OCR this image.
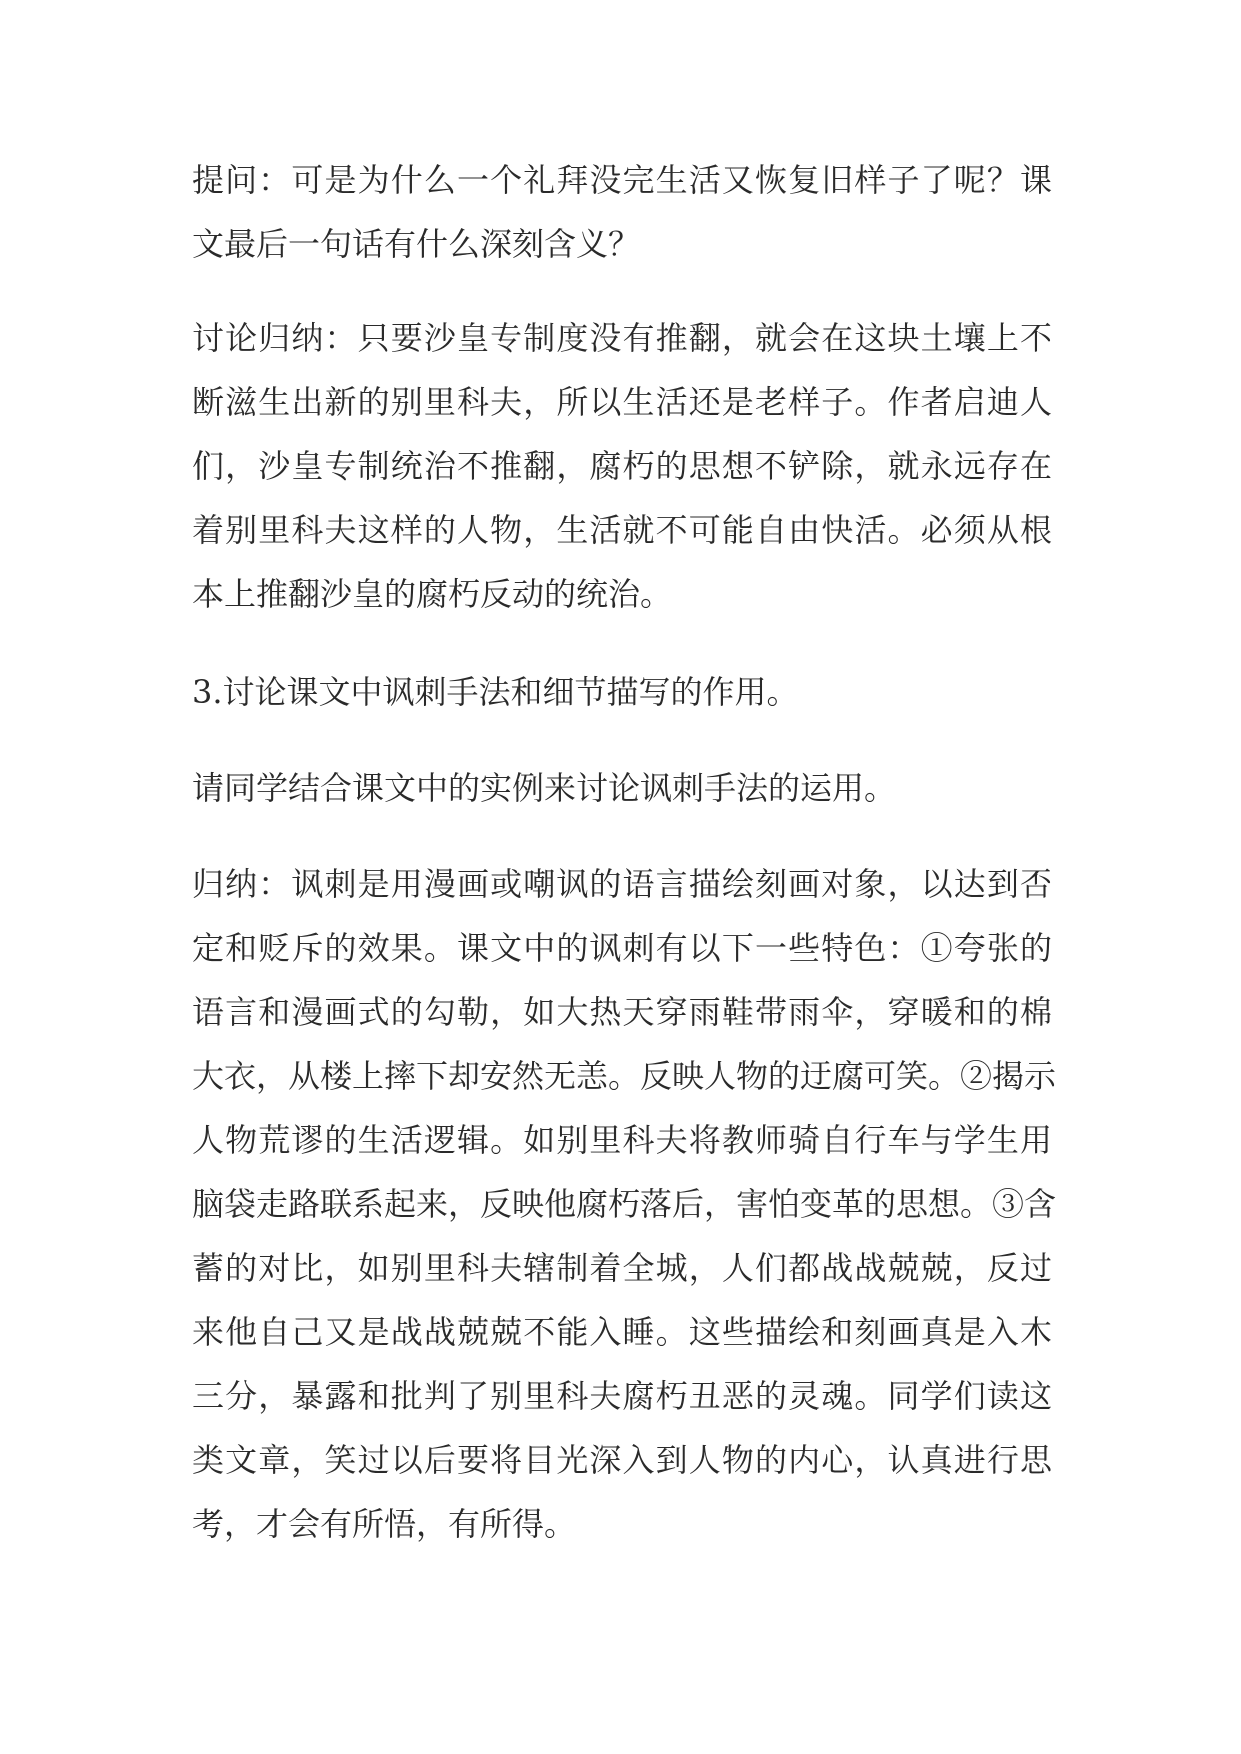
提问：可是为什么一个礼拜没完生活又恢复旧样子了呢？课

文最后一句话有什么深刻含义？

讨论归纳：只要沙皇专制度没有推翻，就会在这块土壤上不

断滋生出新的别里科夫，所以生活还是老样子。作者启迪人

们，沙皇专制统治不推翻，腐朽的思想不铲除，就永远存在

着别里科夫这样的人物，生活就不可能自由快活。必须从根

本上推翻沙皇的腐朽反动的统治。

3.讨论课文中讽刺手法和细节描写的作用。

请同学结合课文中的实例来讨论讽刺手法的运用。

归纳：讽刺是用漫画或嘲讽的语言描绘刻画对象，以达到否

定和贬斥的效果。课文中的讽刺有以下一些特色：①夸张的

语言和漫画式的勾勒，如大热天穿雨鞋带雨伞，穿暖和的棉

大衣，从楼上摔下却安然无恙。反映人物的迂腐可笑。②揭示

人物荒谬的生活逻辑。如别里科夫将教师骑自行车与学生用

脑袋走路联系起来，反映他腐朽落后，害怕变革的思想。③含

蓄的对比，如别里科夫辖制着全城，人们都战战兢兢，反过

来他自己又是战战兢兢不能入睡。这些描绘和刻画真是入木

三分，暴露和批判了别里科夫腐朽丑恶的灵魂。同学们读这

类文章，笑过以后要将目光深入到人物的内心，认真进行思

考，才会有所悟，有所得。
